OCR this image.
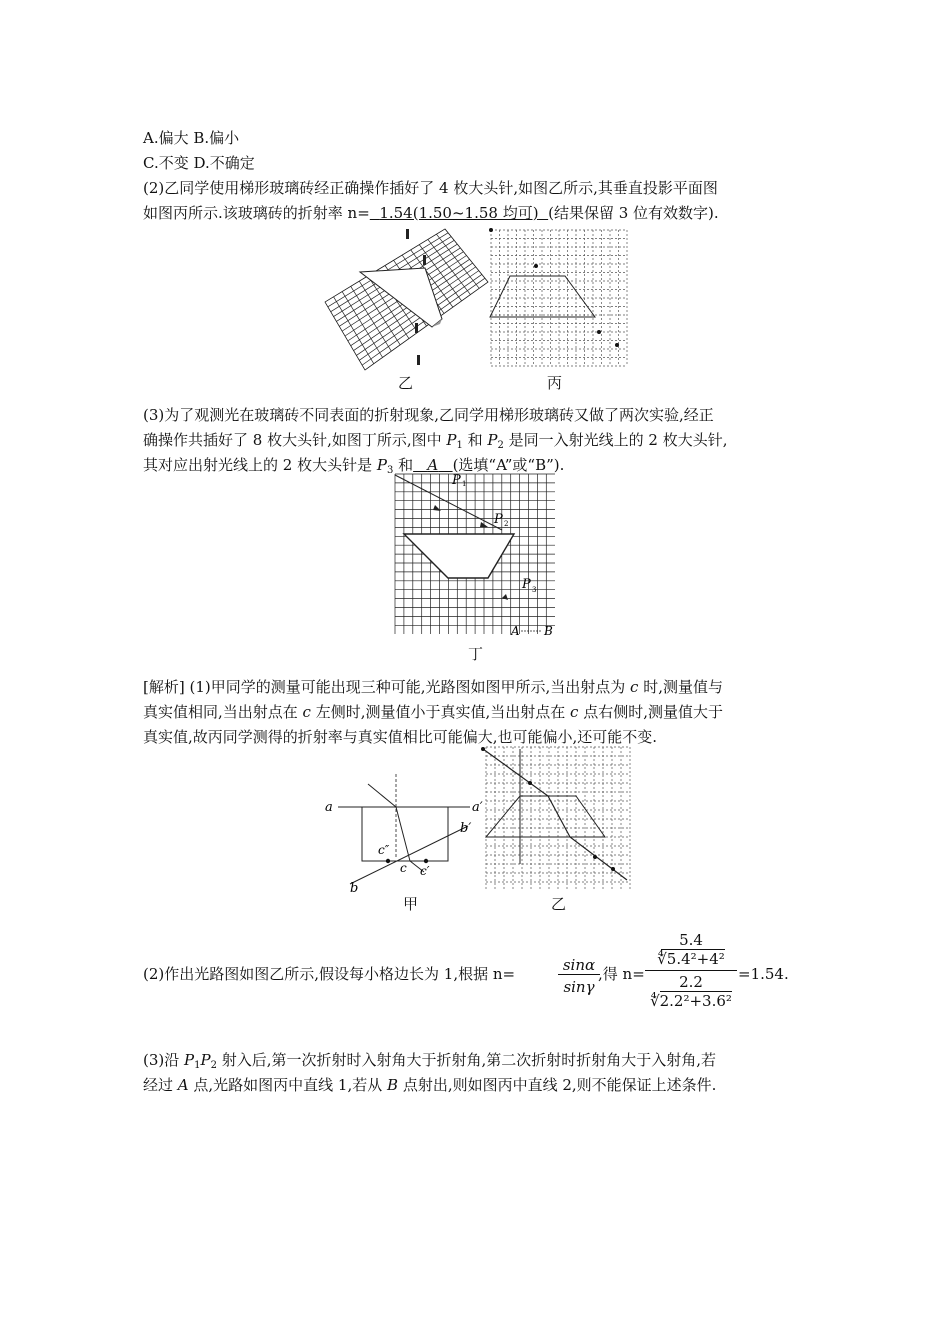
A.偏大 B.偏小
C.不变 D.不确定
(2)乙同学使用梯形玻璃砖经正确操作插好了 4 枚大头针,如图乙所示,其垂直投影平面图
如图丙所示.该玻璃砖的折射率 n= 1.54(1.50~1.58 均可) (结果保留 3 位有效数字).
乙	丙
(3)为了观测光在玻璃砖不同表面的折射现象,乙同学用梯形玻璃砖又做了两次实验,经正
确操作共插好了 8 枚大头针,如图丁所示,图中 $P_1$ 和 $P_2$ 是同一入射光线上的 2 枚大头针,
其对应出射光线上的 2 枚大头针是 $P_3$ 和 A (选填“A”或“B”).
P 1
P 2
P 3
A B
丁
[解析] (1)甲同学的测量可能出现三种可能,光路图如图甲所示,当出射点为 c 时,测量值与
真实值相同,当出射点在 c 左侧时,测量值小于真实值,当出射点在 c 点右侧时,测量值大于
真实值,故丙同学测得的折射率与真实值相比可能偏大,也可能偏小,还可能不变.
a	a′
b′
b
c″
c c′
甲	乙
(2)作出光路图如图乙所示,假设每小格边长为 1,根据 n=	$\frac{\sin\alpha}{\sin\gamma}$
,得 n= 5.4
∜5.4²+4²
2.2
∜2.2²+3.6² =1.54.
(3)沿 $P_1P_2$ 射入后,第一次折射时入射角大于折射角,第二次折射时折射角大于入射角,若
经过 A 点,光路如图丙中直线 1,若从 B 点射出,则如图丙中直线 2,则不能保证上述条件.
